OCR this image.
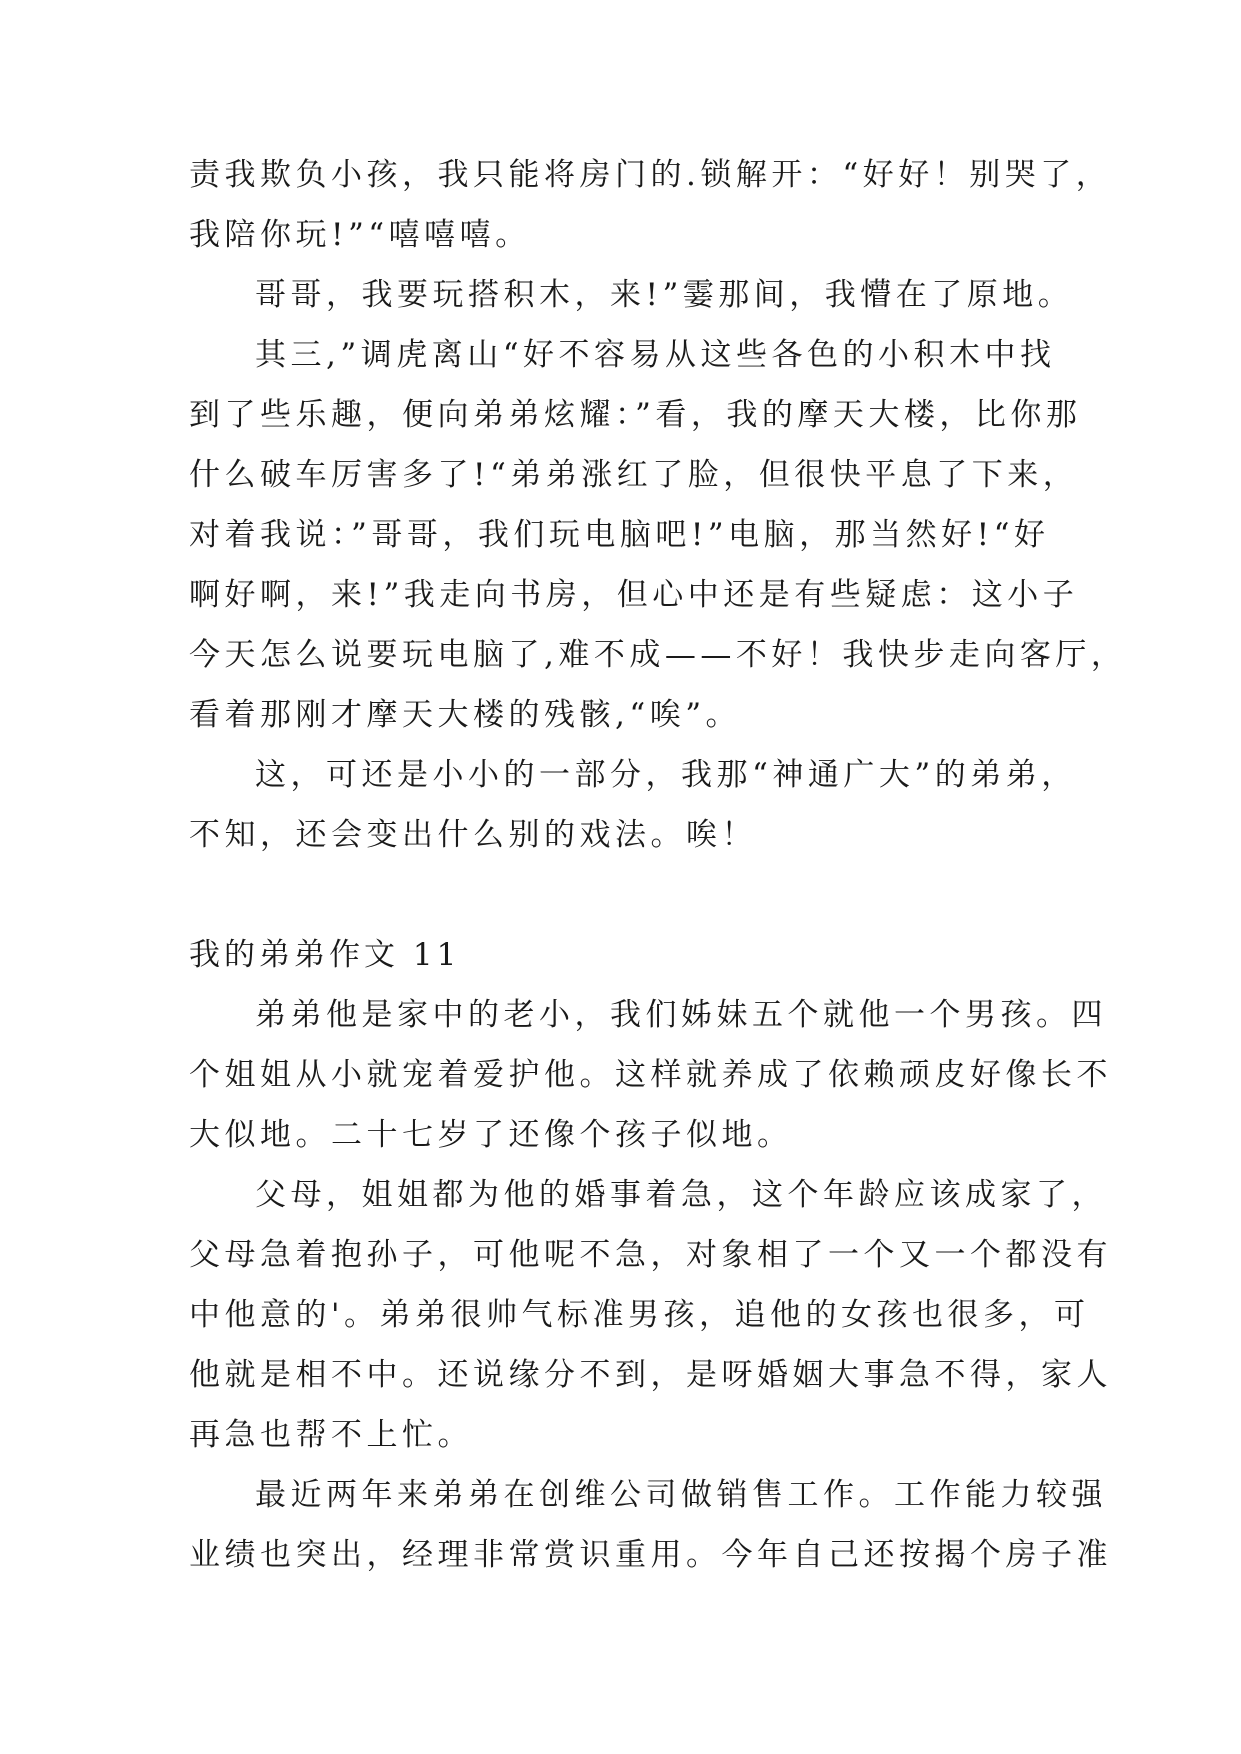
责我欺负小孩，我只能将房门的.锁解开：“好好！别哭了，
我陪你玩!”“嘻嘻嘻。
哥哥，我要玩搭积木，来!”霎那间，我懵在了原地。
其三,”调虎离山“好不容易从这些各色的小积木中找
到了些乐趣，便向弟弟炫耀：”看，我的摩天大楼，比你那
什么破车厉害多了!“弟弟涨红了脸，但很快平息了下来，
对着我说：”哥哥，我们玩电脑吧!”电脑，那当然好!“好
啊好啊，来!”我走向书房，但心中还是有些疑虑：这小子
今天怎么说要玩电脑了,难不成——不好！我快步走向客厅，
看着那刚才摩天大楼的残骸,“唉”。
这，可还是小小的一部分，我那“神通广大”的弟弟，
不知，还会变出什么别的戏法。唉！
我的弟弟作文 11
弟弟他是家中的老小，我们姊妹五个就他一个男孩。四
个姐姐从小就宠着爱护他。这样就养成了依赖顽皮好像长不
大似地。二十七岁了还像个孩子似地。
父母，姐姐都为他的婚事着急，这个年龄应该成家了，
父母急着抱孙子，可他呢不急，对象相了一个又一个都没有
中他意的'。弟弟很帅气标准男孩，追他的女孩也很多，可
他就是相不中。还说缘分不到，是呀婚姻大事急不得，家人
再急也帮不上忙。
最近两年来弟弟在创维公司做销售工作。工作能力较强
业绩也突出，经理非常赏识重用。今年自己还按揭个房子准
